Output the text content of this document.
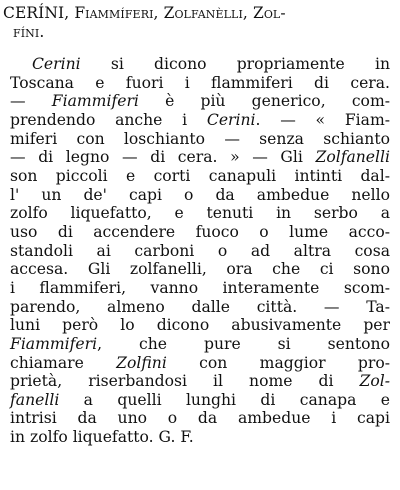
CERÍNI, Fiammíferi, Zolfanèlli, Zol-
fíni.
Cerini si dicono propriamente in
Toscana e fuori i flammiferi di cera.
— Fiammiferi è più generico, com-
prendendo anche i Cerini. — « Fiam-
miferi con loschianto — senza schianto
— di legno — di cera. » — Gli Zolfanelli
son piccoli e corti canapuli intinti dal-
l' un de' capi o da ambedue nello
zolfo liquefatto, e tenuti in serbo a
uso di accendere fuoco o lume acco-
standoli ai carboni o ad altra cosa
accesa. Gli zolfanelli, ora che ci sono
i flammiferi, vanno interamente scom-
parendo, almeno dalle città. — Ta-
luni però lo dicono abusivamente per
Fiammiferi, che pure si sentono
chiamare Zolfini con maggior pro-
prietà, riserbandosi il nome di Zol-
fanelli a quelli lunghi di canapa e
intrisi da uno o da ambedue i capi
in zolfo liquefatto. G. F.
